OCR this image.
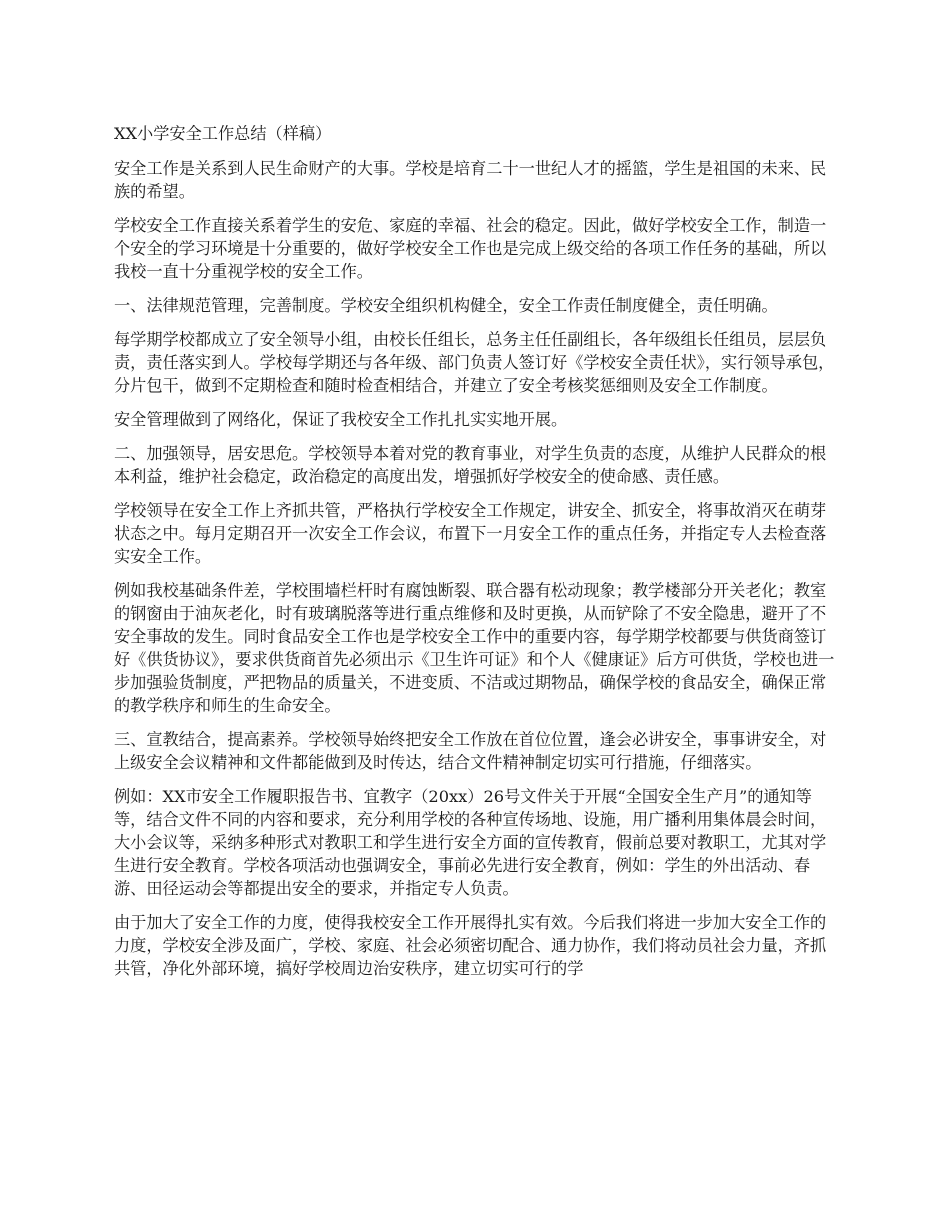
XX小学安全工作总结（样稿）

安全工作是关系到人民生命财产的大事。学校是培育二十一世纪人才的摇篮，学生是祖国的未来、民族的希望。

学校安全工作直接关系着学生的安危、家庭的幸福、社会的稳定。因此，做好学校安全工作，制造一个安全的学习环境是十分重要的，做好学校安全工作也是完成上级交给的各项工作任务的基础，所以我校一直十分重视学校的安全工作。

一、法律规范管理，完善制度。学校安全组织机构健全，安全工作责任制度健全，责任明确。

每学期学校都成立了安全领导小组，由校长任组长，总务主任任副组长，各年级组长任组员，层层负责，责任落实到人。学校每学期还与各年级、部门负责人签订好《学校安全责任状》，实行领导承包，分片包干，做到不定期检查和随时检查相结合，并建立了安全考核奖惩细则及安全工作制度。

安全管理做到了网络化，保证了我校安全工作扎扎实实地开展。

二、加强领导，居安思危。学校领导本着对党的教育事业，对学生负责的态度，从维护人民群众的根本利益，维护社会稳定，政治稳定的高度出发，增强抓好学校安全的使命感、责任感。

学校领导在安全工作上齐抓共管，严格执行学校安全工作规定，讲安全、抓安全，将事故消灭在萌芽状态之中。每月定期召开一次安全工作会议，布置下一月安全工作的重点任务，并指定专人去检查落实安全工作。

例如我校基础条件差，学校围墙栏杆时有腐蚀断裂、联合器有松动现象；教学楼部分开关老化；教室的钢窗由于油灰老化，时有玻璃脱落等进行重点维修和及时更换，从而铲除了不安全隐患，避开了不安全事故的发生。同时食品安全工作也是学校安全工作中的重要内容，每学期学校都要与供货商签订好《供货协议》，要求供货商首先必须出示《卫生许可证》和个人《健康证》后方可供货，学校也进一步加强验货制度，严把物品的质量关，不进变质、不洁或过期物品，确保学校的食品安全，确保正常的教学秩序和师生的生命安全。

三、宣教结合，提高素养。学校领导始终把安全工作放在首位位置，逢会必讲安全，事事讲安全，对上级安全会议精神和文件都能做到及时传达，结合文件精神制定切实可行措施，仔细落实。

例如：XX市安全工作履职报告书、宜教字（20xx）26号文件关于开展“全国安全生产月”的通知等等，结合文件不同的内容和要求，充分利用学校的各种宣传场地、设施，用广播利用集体晨会时间，大小会议等，采纳多种形式对教职工和学生进行安全方面的宣传教育，假前总要对教职工，尤其对学生进行安全教育。学校各项活动也强调安全，事前必先进行安全教育，例如：学生的外出活动、春游、田径运动会等都提出安全的要求，并指定专人负责。

由于加大了安全工作的力度，使得我校安全工作开展得扎实有效。今后我们将进一步加大安全工作的力度，学校安全涉及面广，学校、家庭、社会必须密切配合、通力协作，我们将动员社会力量，齐抓共管，净化外部环境，搞好学校周边治安秩序，建立切实可行的学
